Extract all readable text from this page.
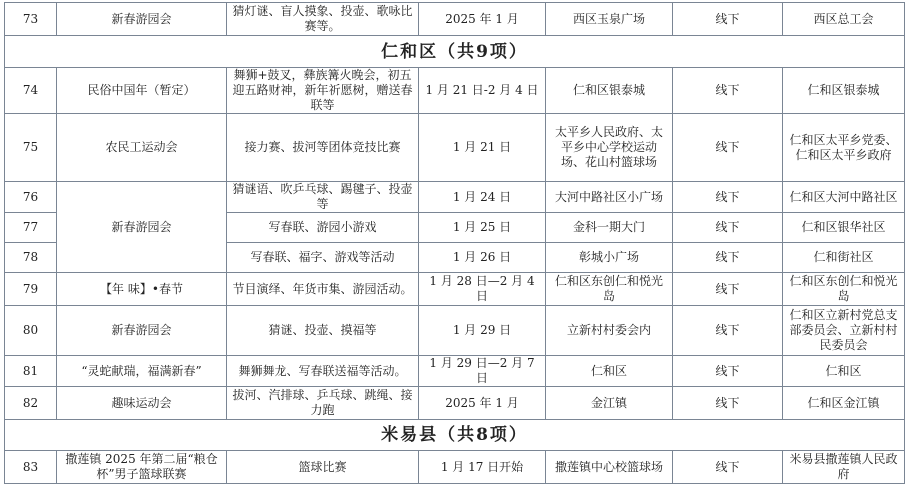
73	新春游园会	猜灯谜、盲人摸象、投壶、歌咏比赛等。	2025 年 1 月	西区玉泉广场	线下	西区总工会
仁和区（共9项）						
74	民俗中国年（暂定）	舞狮+鼓叉，彝族篝火晚会，初五迎五路财神，新年祈愿树，赠送春联等	1 月 21 日-2 月 4 日	仁和区银泰城	线下	仁和区银泰城
75	农民工运动会	接力赛、拔河等团体竞技比赛	1 月 21 日	太平乡人民政府、太平乡中心学校运动场、花山村篮球场	线下	仁和区太平乡党委、仁和区太平乡政府
76	新春游园会	猜谜语、吹乒乓球、踢毽子、投壶等	1 月 24 日	大河中路社区小广场	线下	仁和区大河中路社区
77		写春联、游园小游戏	1 月 25 日	金科一期大门	线下	仁和区银华社区
78		写春联、福字、游戏等活动	1 月 26 日	彰城小广场	线下	仁和街社区
79	【年 味】•春节	节目演绎、年货市集、游园活动。	1 月 28 日—2 月 4 日	仁和区东创仁和悦光岛	线下	仁和区东创仁和悦光岛
80	新春游园会	猜谜、投壶、摸福等	1 月 29 日	立新村村委会内	线下	仁和区立新村党总支部委员会、立新村村民委员会
81	“灵蛇献瑞，福满新春”	舞狮舞龙、写春联送福等活动。	1 月 29 日—2 月 7 日	仁和区	线下	仁和区
82	趣味运动会	拔河、汽排球、乒乓球、跳绳、接力跑	2025 年 1 月	金江镇	线下	仁和区金江镇
米易县（共8项）						
83	撒莲镇 2025 年第二届“粮仓杯”男子篮球联赛	篮球比赛	1 月 17 日开始	撒莲镇中心校篮球场	线下	米易县撒莲镇人民政府
